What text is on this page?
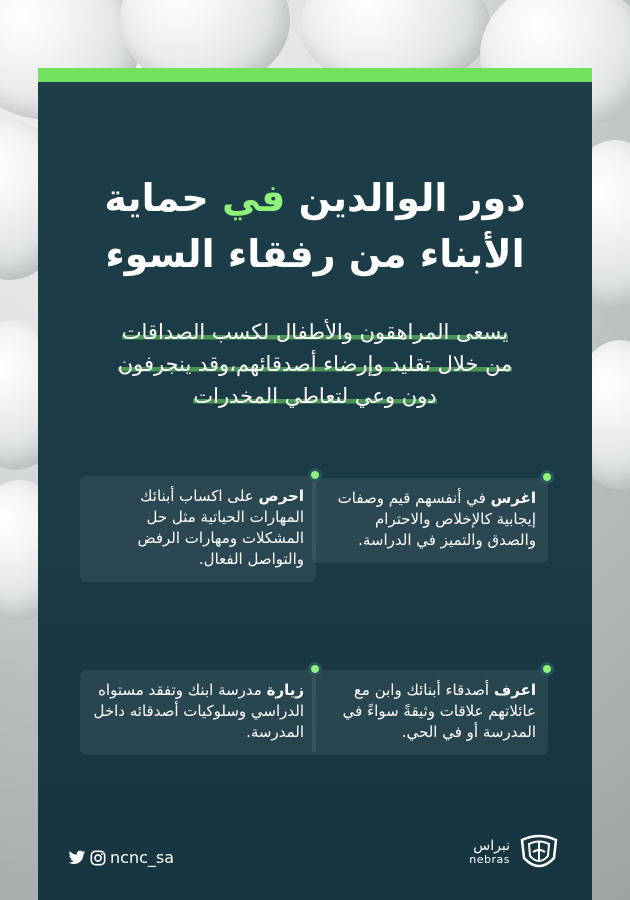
دور الوالدين في حماية
الأبناء من رفقاء السوء

يسعى المراهقون والأطفال لكسب الصداقات
من خلال تقليد وإرضاء أصدقائهم،وقد ينجرفون
دون وعي لتعاطي المخدرات

اغرس في أنفسهم قيم وصفات إيجابية كالإخلاص والاحترام والصدق والتميز في الدراسة.
احرص على اكساب أبنائك المهارات الحياتية مثل حل المشكلات ومهارات الرفض والتواصل الفعال.
اعرف أصدقاء أبنائك وابن مع عائلاتهم علاقات وثيقةً سواءً في المدرسة أو في الحي.
زيارة مدرسة ابنك وتفقد مستواه الدراسي وسلوكيات أصدقائه داخل المدرسة.
ncnc_sa
نبراس
nebras
